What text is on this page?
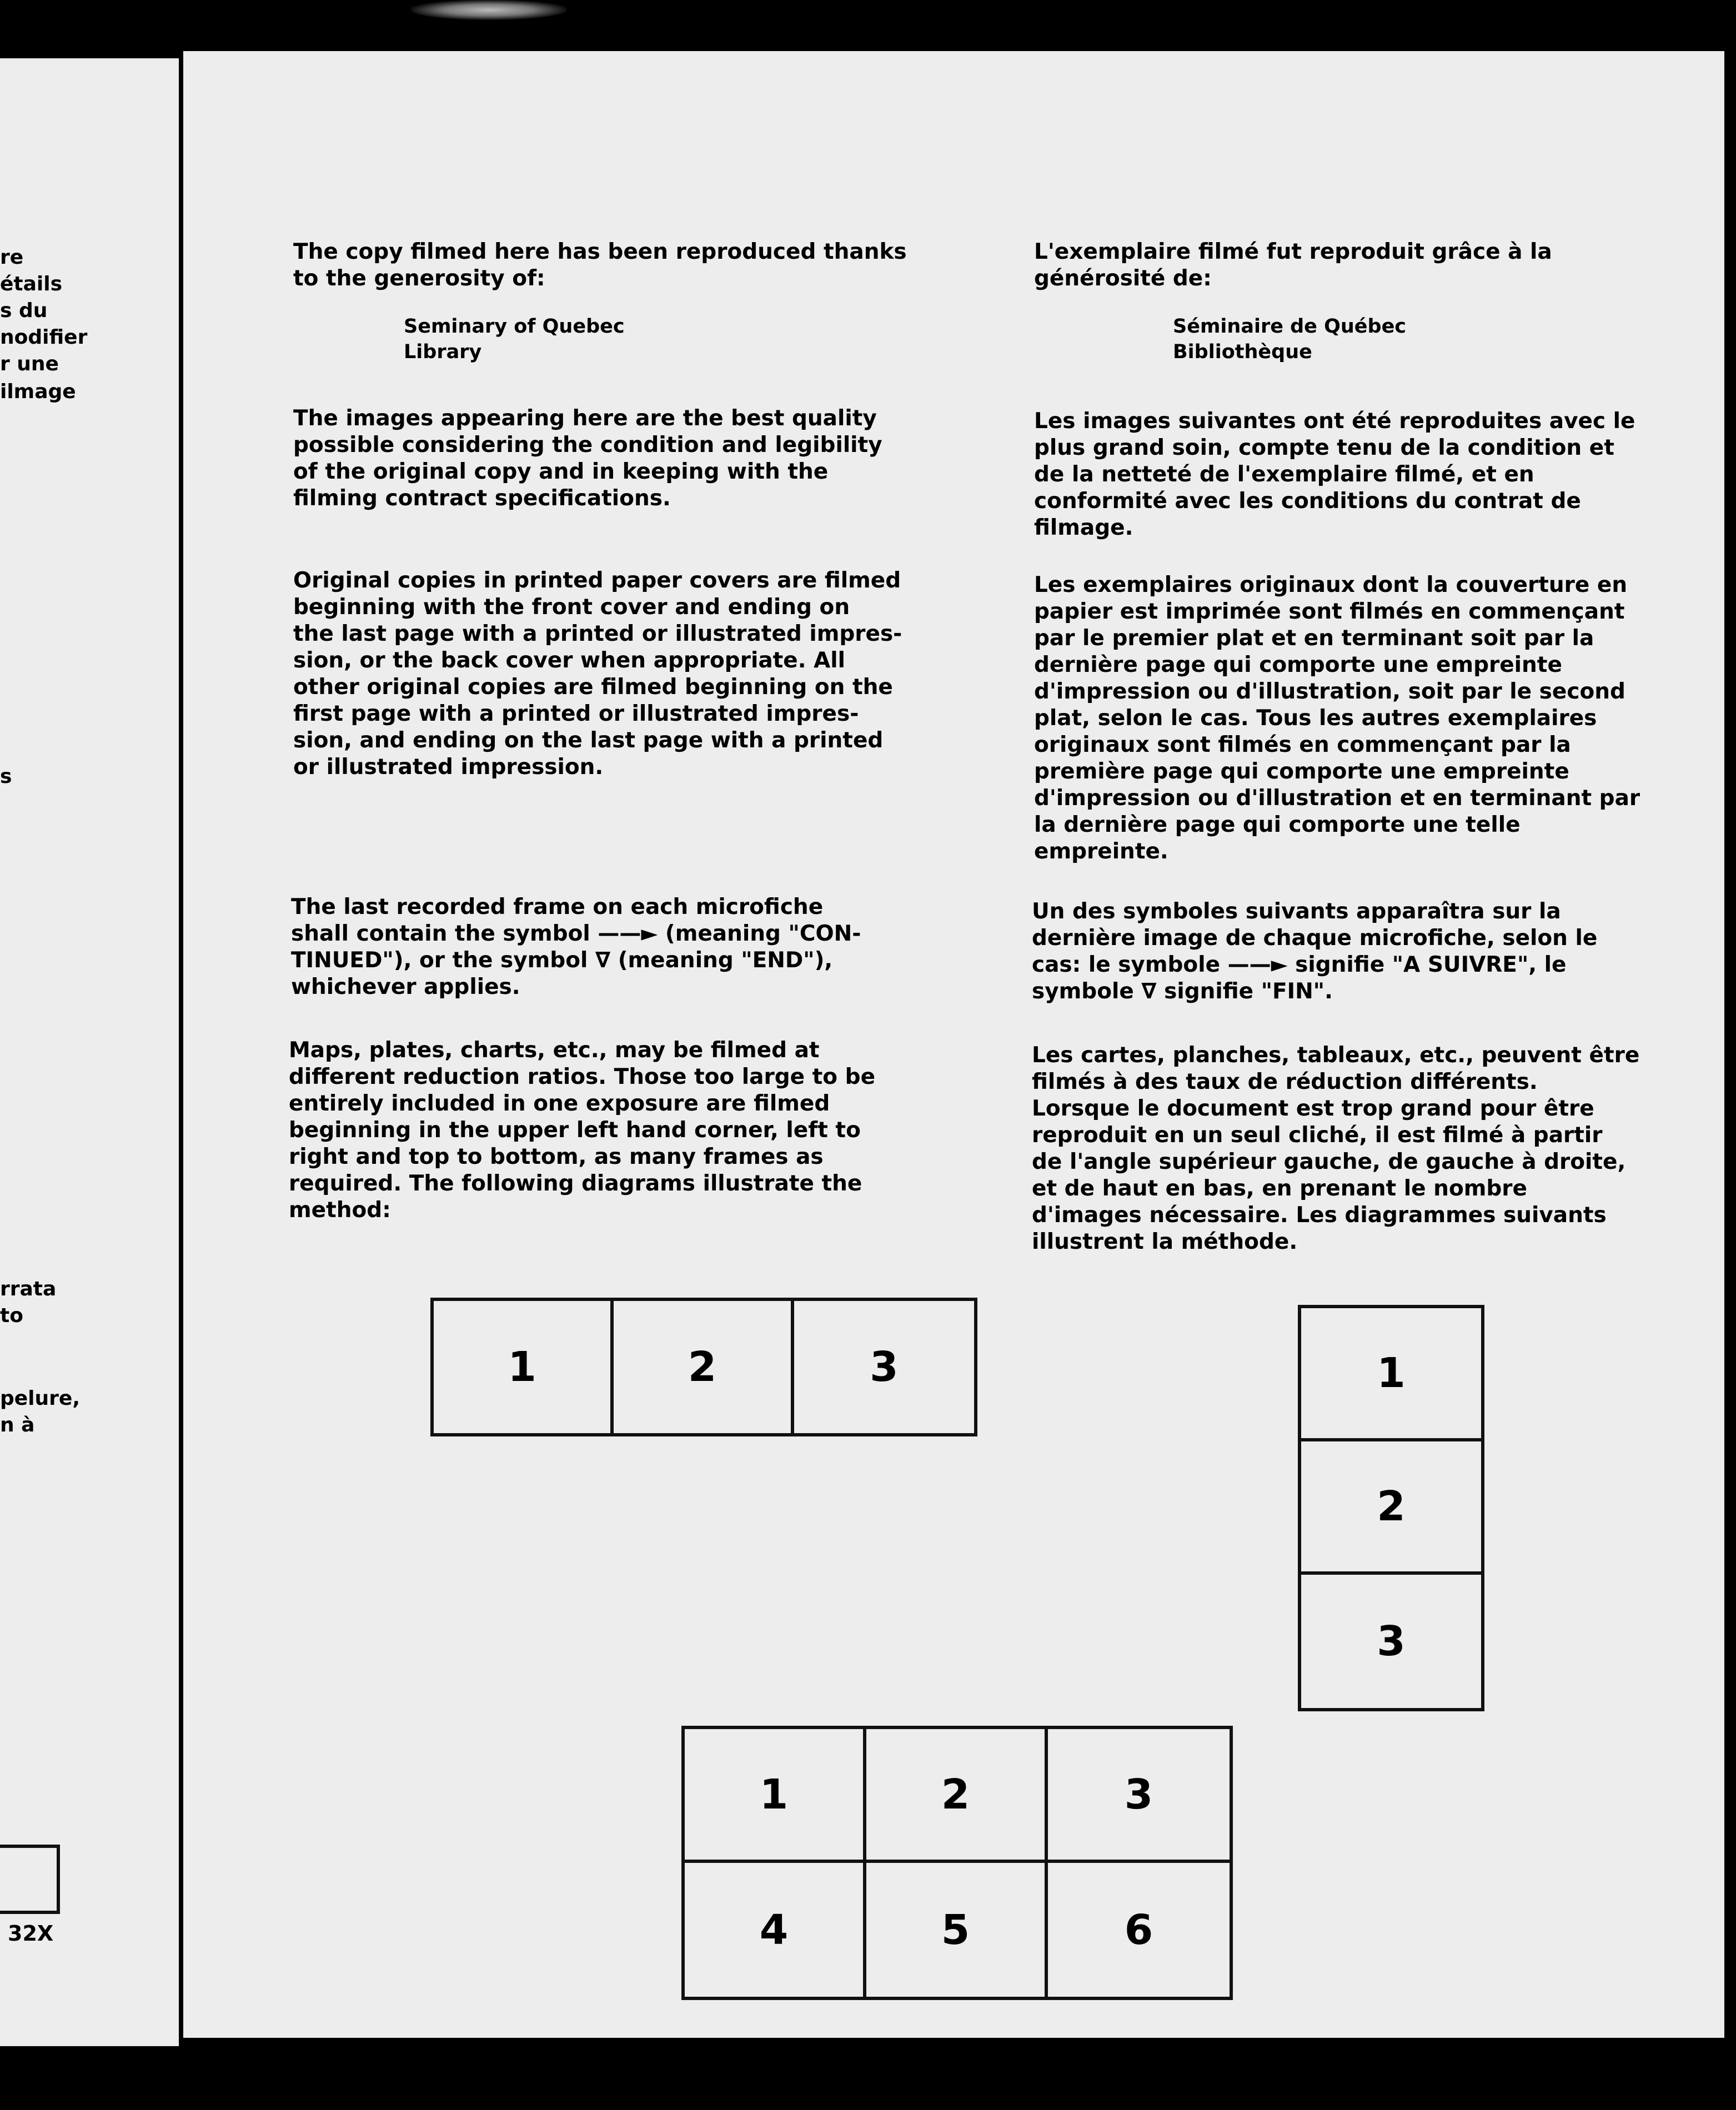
re

étails

s du

nodifier

r une

ilmage

s

rrata

to

pelure,

n à

32X

The copy filmed here has been reproduced thanks
to the generosity of:

Seminary of Quebec
Library

The images appearing here are the best quality
possible considering the condition and legibility
of the original copy and in keeping with the
filming contract specifications.

Original copies in printed paper covers are filmed
beginning with the front cover and ending on
the last page with a printed or illustrated impres-
sion, or the back cover when appropriate. All
other original copies are filmed beginning on the
first page with a printed or illustrated impres-
sion, and ending on the last page with a printed
or illustrated impression.

The last recorded frame on each microfiche
shall contain the symbol ——► (meaning "CON-
TINUED"), or the symbol ∇ (meaning "END"),
whichever applies.

Maps, plates, charts, etc., may be filmed at
different reduction ratios. Those too large to be
entirely included in one exposure are filmed
beginning in the upper left hand corner, left to
right and top to bottom, as many frames as
required. The following diagrams illustrate the
method:

L'exemplaire filmé fut reproduit grâce à la
générosité de:

Séminaire de Québec
Bibliothèque

Les images suivantes ont été reproduites avec le
plus grand soin, compte tenu de la condition et
de la netteté de l'exemplaire filmé, et en
conformité avec les conditions du contrat de
filmage.

Les exemplaires originaux dont la couverture en
papier est imprimée sont filmés en commençant
par le premier plat et en terminant soit par la
dernière page qui comporte une empreinte
d'impression ou d'illustration, soit par le second
plat, selon le cas. Tous les autres exemplaires
originaux sont filmés en commençant par la
première page qui comporte une empreinte
d'impression ou d'illustration et en terminant par
la dernière page qui comporte une telle
empreinte.

Un des symboles suivants apparaîtra sur la
dernière image de chaque microfiche, selon le
cas: le symbole ——► signifie "A SUIVRE", le
symbole ∇ signifie "FIN".

Les cartes, planches, tableaux, etc., peuvent être
filmés à des taux de réduction différents.
Lorsque le document est trop grand pour être
reproduit en un seul cliché, il est filmé à partir
de l'angle supérieur gauche, de gauche à droite,
et de haut en bas, en prenant le nombre
d'images nécessaire. Les diagrammes suivants
illustrent la méthode.

1	2	3	1
2
3
1	2	3
4	5	6
